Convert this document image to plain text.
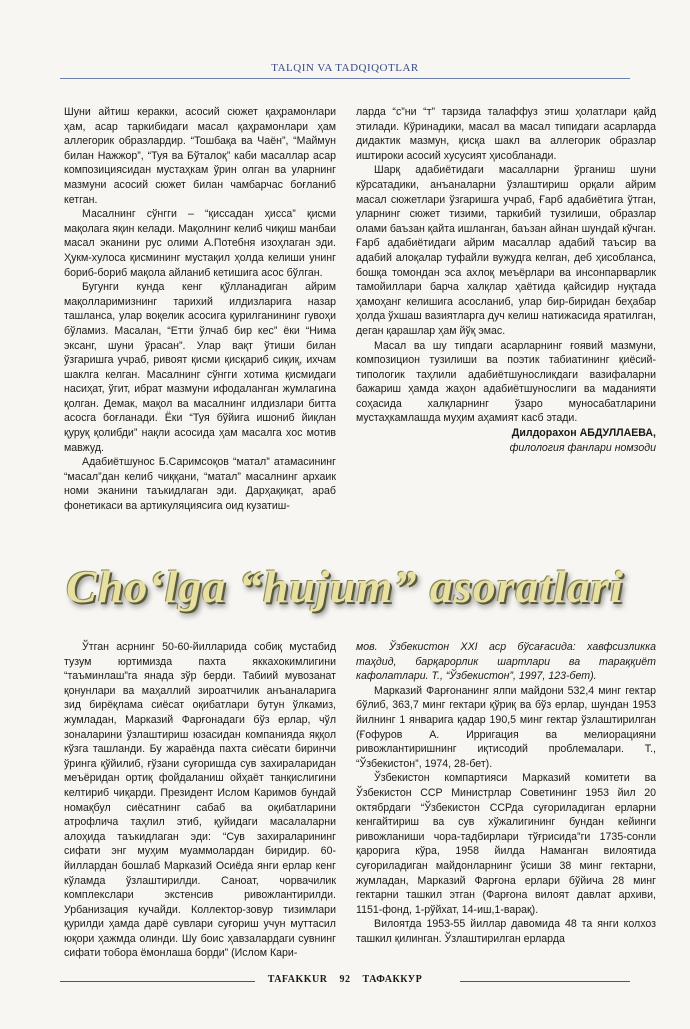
TALQIN VA TADQIQOTLAR

Шуни айтиш керакки, асосий сюжет қаҳрамонлари ҳам, асар таркибидаги масал қаҳрамонлари ҳам аллегорик образлардир. “Тошбақа ва Чаён”, “Маймун билан Нажжор”, “Туя ва Бўталоқ” каби масаллар асар композициясидан мустаҳкам ўрин олган ва уларнинг мазмуни асосий сюжет билан чамбарчас боғланиб кетган.

Масалнинг сўнгги – “қиссадан ҳисса” қисми мақолага яқин келади. Мақолнинг келиб чиқиш манбаи масал эканини рус олими А.Потебня изоҳлаган эди. Ҳукм-хулоса қисмининг мустақил ҳолда келиши унинг бориб-бориб мақола айланиб кетишига асос бўлган.

Бугунги кунда кенг қўлланадиган айрим мақолларимизнинг тарихий илдизларига назар ташланса, улар воқелик асосига қурилганининг гувоҳи бўламиз. Масалан, “Етти ўлчаб бир кес” ёки “Нима эксанг, шуни ўрасан”. Улар вақт ўтиши билан ўзгаришга учраб, ривоят қисми қисқариб сиқиқ, ихчам шаклга келган. Масалнинг сўнгги хотима қисмидаги насиҳат, ўгит, ибрат мазмуни ифодаланган жумлагина қолган. Демак, мақол ва масалнинг илдизлари битта асосга боғланади. Ёки “Туя бўйига ишониб йиқлан қуруқ қолибди” нақли асосида ҳам масалга хос мотив мавжуд.

Адабиётшунос Б.Саримсоқов “матал” атамасининг “масал”дан келиб чиққани, “матал” масалнинг архаик номи эканини таъкидлаган эди. Дарҳақиқат, араб фонетикаси ва артикуляциясига оид кузатиш-

ларда “с”ни “т” тарзида талаффуз этиш ҳолатлари қайд этилади. Кўринадики, масал ва масал типидаги асарларда дидактик мазмун, қисқа шакл ва аллегорик образлар иштироки асосий хусусият ҳисобланади.

Шарқ адабиётидаги масалларни ўрганиш шуни кўрсатадики, анъаналарни ўзлаштириш орқали айрим масал сюжетлари ўзгаришга учраб, Ғарб адабиётига ўтган, уларнинг сюжет тизими, таркибий тузилиши, образлар олами баъзан қайта ишланган, баъзан айнан шундай кўчган. Ғарб адабиётидаги айрим масаллар адабий таъсир ва адабий алоқалар туфайли вужудга келган, деб ҳисобланса, бошқа томондан эса ахлоқ меъёрлари ва инсонпарварлик тамойиллари барча халқлар ҳаётида қайсидир нуқтада ҳамоҳанг келишига асосланиб, улар бир-биридан беҳабар ҳолда ўхшаш вазиятларга дуч келиш натижасида яратилган, деган қарашлар ҳам йўқ эмас.

Масал ва шу типдаги асарларнинг ғоявий мазмуни, композицион тузилиши ва поэтик табиатининг қиёсий-типологик таҳлили адабиётшуносликдаги вазифаларни бажариш ҳамда жаҳон адабиётшунослиги ва маданияти соҳасида халқларнинг ўзаро муносабатларини мустаҳкамлашда муҳим аҳамият касб этади.

Дилдорахон АБДУЛЛАЕВА,

филология фанлари номзоди

Cho‘lga “hujum” asoratlari

Ўтган асрнинг 50-60-йилларида собиқ мустабид тузум юртимизда пахта яккахокимлигини “таъминлаш”га янада зўр берди. Табиий мувозанат қонунлари ва маҳаллий зироатчилик анъаналарига зид бирёқлама сиёсат оқибатлари бутун ўлкамиз, жумладан, Марказий Фарғонадаги бўз ерлар, чўл зоналарини ўзлаштириш юзасидан компанияда яққол кўзга ташланди. Бу жараёнда пахта сиёсати биринчи ўринга қўйилиб, ғўзани суғоришда сув захираларидан меъёридан ортиқ фойдаланиш ойҳаёт танқислигини келтириб чиқарди. Президент Ислом Каримов бундай номақбул сиёсатнинг сабаб ва оқибатларини атрофлича таҳлил этиб, қуйидаги масалаларни алоҳида таъкидлаган эди: “Сув захираларининг сифати энг муҳим муаммолардан биридир. 60-йиллардан бошлаб Марказий Осиёда янги ерлар кенг кўламда ўзлаштирилди. Саноат, чорвачилик комплекслари экстенсив ривожлантирилди. Урбанизация кучайди. Коллектор-зовур тизимлари қурилди ҳамда дарё сувлари суғориш учун муттасил юқори ҳажмда олинди. Шу боис ҳавзалардаги сувнинг сифати тобора ёмонлаша борди” (Ислом Кари-

мов. Ўзбекистон XXI аср бўсағасида: хавфсизликка таҳдид, барқарорлик шартлари ва тараққиёт кафолатлари. Т., “Ўзбекистон”, 1997, 123-бет).

Марказий Фарғонанинг ялпи майдони 532,4 минг гектар бўлиб, 363,7 минг гектари қўриқ ва бўз ерлар, шундан 1953 йилнинг 1 январига қадар 190,5 минг гектар ўзлаштирилган (Ғофуров А. Ирригация ва мелиорацияни ривожлантиришнинг иқтисодий проблемалари. Т., “Ўзбекистон”, 1974, 28-бет).

Ўзбекистон компартияси Марказий комитети ва Ўзбекистон ССР Министрлар Советининг 1953 йил 20 октябрдаги “Ўзбекистон ССРда суғориладиган ерларни кенгайтириш ва сув хўжалигининг бундан кейинги ривожланиши чора-тадбирлари тўғрисида”ги 1735-сонли қарорига кўра, 1958 йилда Наманган вилоятида суғориладиган майдонларнинг ўсиши 38 минг гектарни, жумладан, Марказий Фарғона ерлари бўйича 28 минг гектарни ташкил этган (Фарғона вилоят давлат архиви, 1151-фонд, 1-рўйхат, 14-иш,1-варақ).

Вилоятда 1953-55 йиллар давомида 48 та янги колхоз ташкил қилинган. Ўзлаштирилган ерларда

TAFAKKUR 92 ТАФАККУР
